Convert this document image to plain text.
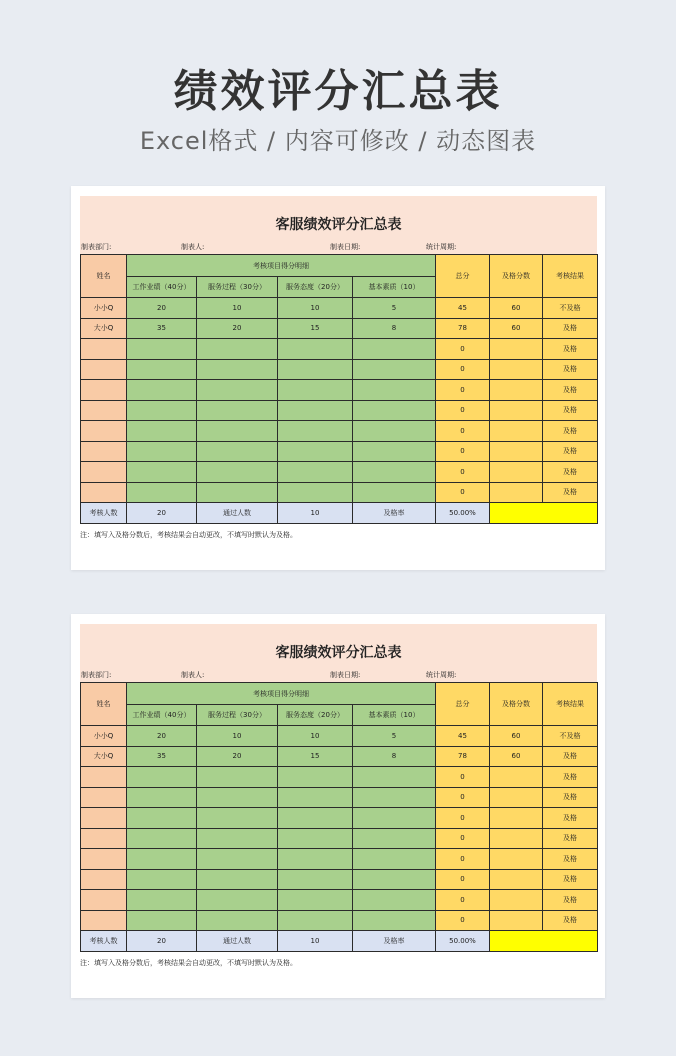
绩效评分汇总表
Excel格式 / 内容可修改 / 动态图表
客服绩效评分汇总表
制表部门:	制表人:	制表日期:	统计周期:
姓名	考核项目得分明细				总分	及格分数	考核结果
	工作业绩（40分）	服务过程（30分）	服务态度（20分）	基本素质（10）			
小小Q	20	10	10	5	45	60	不及格
大小Q	35	20	15	8	78	60	及格
					0		及格
					0		及格
					0		及格
					0		及格
					0		及格
					0		及格
					0		及格
					0		及格
考核人数	20	通过人数	10	及格率	50.00%		
注：填写入及格分数后，考核结果会自动更改，不填写时默认为及格。
客服绩效评分汇总表
制表部门:	制表人:	制表日期:	统计周期:
姓名	考核项目得分明细				总分	及格分数	考核结果
	工作业绩（40分）	服务过程（30分）	服务态度（20分）	基本素质（10）			
小小Q	20	10	10	5	45	60	不及格
大小Q	35	20	15	8	78	60	及格
					0		及格
					0		及格
					0		及格
					0		及格
					0		及格
					0		及格
					0		及格
					0		及格
考核人数	20	通过人数	10	及格率	50.00%		
注：填写入及格分数后，考核结果会自动更改，不填写时默认为及格。
